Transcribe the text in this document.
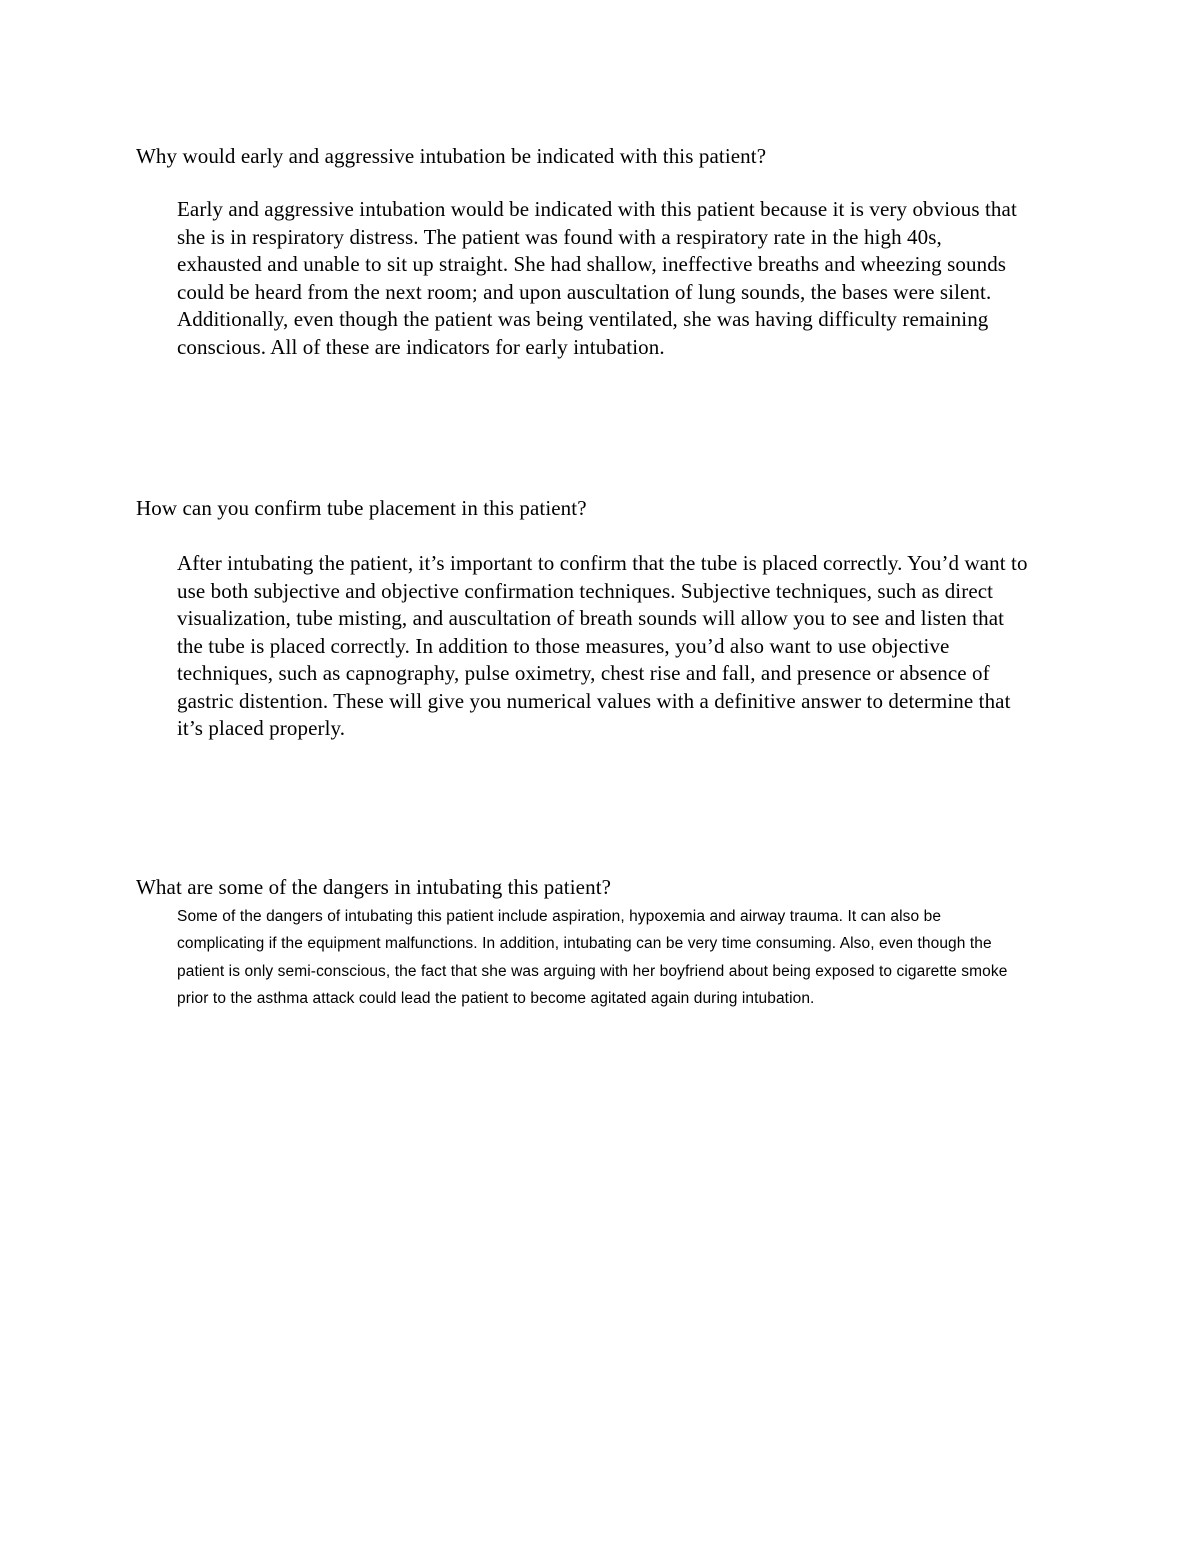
Why would early and aggressive intubation be indicated with this patient?

Early and aggressive intubation would be indicated with this patient because it is very obvious that she is in respiratory distress. The patient was found with a respiratory rate in the high 40s, exhausted and unable to sit up straight. She had shallow, ineffective breaths and wheezing sounds could be heard from the next room; and upon auscultation of lung sounds, the bases were silent. Additionally, even though the patient was being ventilated, she was having difficulty remaining conscious. All of these are indicators for early intubation.

How can you confirm tube placement in this patient?

After intubating the patient, it’s important to confirm that the tube is placed correctly. You’d want to use both subjective and objective confirmation techniques. Subjective techniques, such as direct visualization, tube misting, and auscultation of breath sounds will allow you to see and listen that the tube is placed correctly. In addition to those measures, you’d also want to use objective techniques, such as capnography, pulse oximetry, chest rise and fall, and presence or absence of gastric distention. These will give you numerical values with a definitive answer to determine that it’s placed properly.

What are some of the dangers in intubating this patient?

Some of the dangers of intubating this patient include aspiration, hypoxemia and airway trauma. It can also be complicating if the equipment malfunctions. In addition, intubating can be very time consuming. Also, even though the patient is only semi-conscious, the fact that she was arguing with her boyfriend about being exposed to cigarette smoke prior to the asthma attack could lead the patient to become agitated again during intubation.
